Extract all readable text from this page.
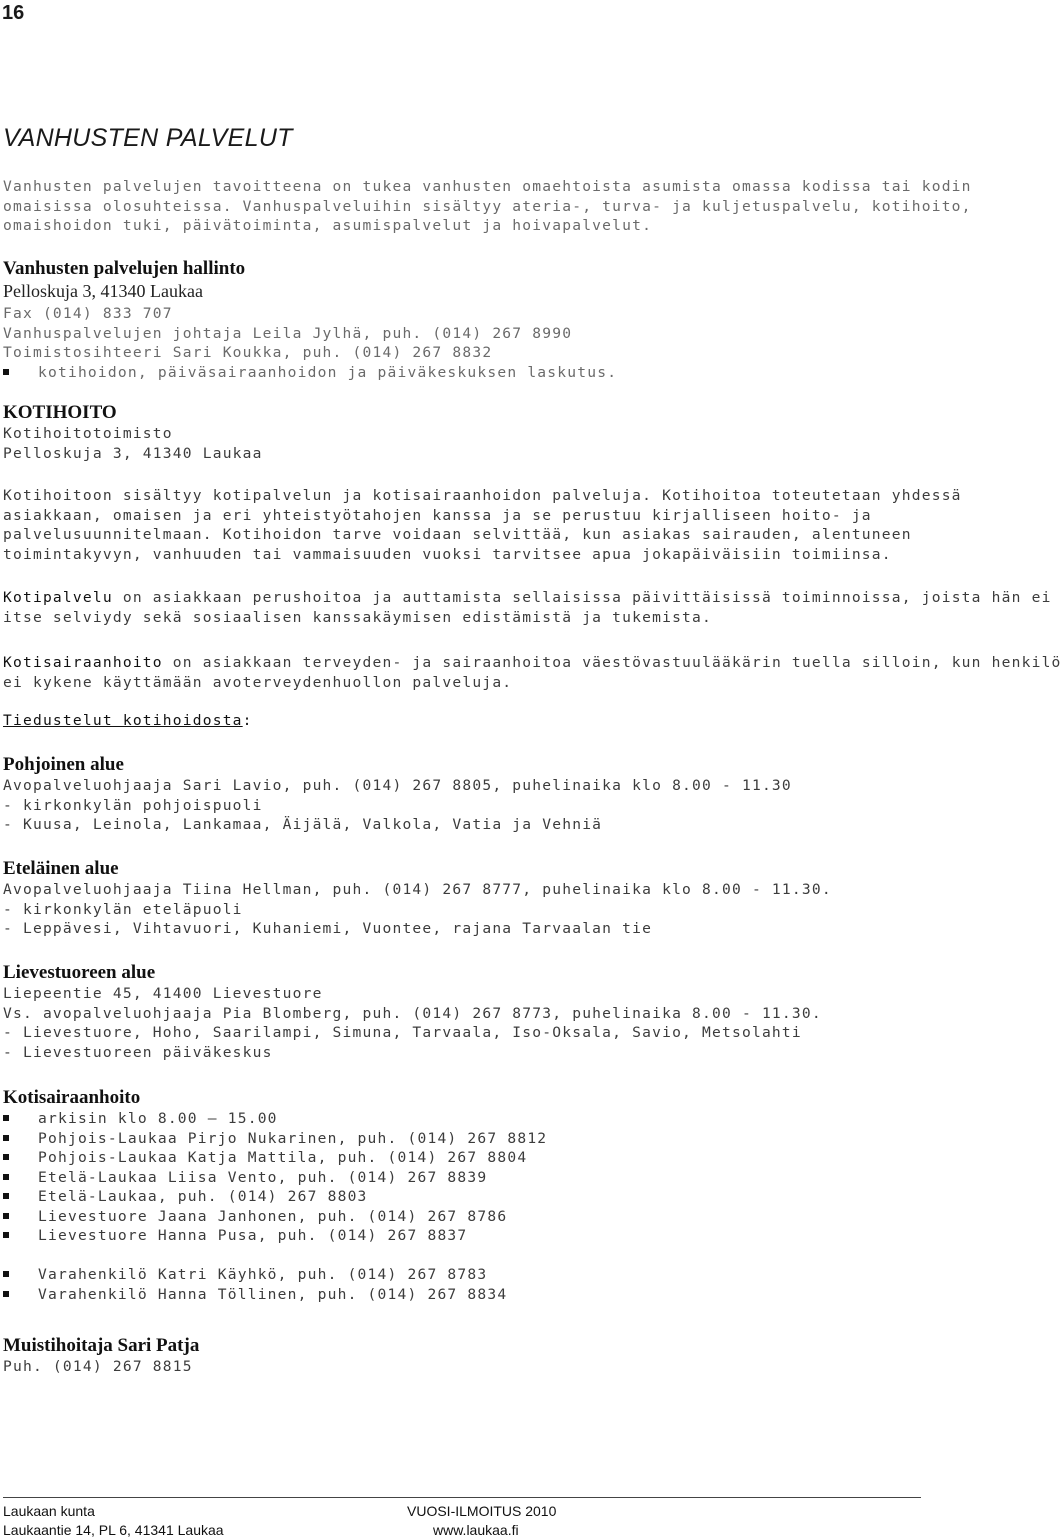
16
VANHUSTEN PALVELUT
Vanhusten palvelujen tavoitteena on tukea vanhusten omaehtoista asumista omassa kodissa tai kodin
omaisissa olosuhteissa. Vanhuspalveluihin sisältyy ateria-, turva- ja kuljetuspalvelu, kotihoito,
omaishoidon tuki, päivätoiminta, asumispalvelut ja hoivapalvelut.
Vanhusten palvelujen hallinto
Pelloskuja 3, 41340 Laukaa
Fax (014) 833 707
Vanhuspalvelujen johtaja Leila Jylhä, puh. (014) 267 8990
Toimistosihteeri Sari Koukka, puh. (014) 267 8832
kotihoidon, päiväsairaanhoidon ja päiväkeskuksen laskutus.
KOTIHOITO
Kotihoitotoimisto
Pelloskuja 3, 41340 Laukaa
Kotihoitoon sisältyy kotipalvelun ja kotisairaanhoidon palveluja. Kotihoitoa toteutetaan yhdessä
asiakkaan, omaisen ja eri yhteistyötahojen kanssa ja se perustuu kirjalliseen hoito- ja
palvelusuunnitelmaan. Kotihoidon tarve voidaan selvittää, kun asiakas sairauden, alentuneen
toimintakyvyn, vanhuuden tai vammaisuuden vuoksi tarvitsee apua jokapäiväisiin toimiinsa.
Kotipalvelu on asiakkaan perushoitoa ja auttamista sellaisissa päivittäisissä toiminnoissa, joista hän ei
itse selviydy sekä sosiaalisen kanssakäymisen edistämistä ja tukemista.
Kotisairaanhoito on asiakkaan terveyden- ja sairaanhoitoa väestövastuulääkärin tuella silloin, kun henkilö
ei kykene käyttämään avoterveydenhuollon palveluja.
Tiedustelut kotihoidosta:
Pohjoinen alue
Avopalveluohjaaja Sari Lavio, puh. (014) 267 8805, puhelinaika klo 8.00 - 11.30
- kirkonkylän pohjoispuoli
- Kuusa, Leinola, Lankamaa, Äijälä, Valkola, Vatia ja Vehniä
Eteläinen alue
Avopalveluohjaaja Tiina Hellman, puh. (014) 267 8777, puhelinaika klo 8.00 - 11.30.
- kirkonkylän eteläpuoli
- Leppävesi, Vihtavuori, Kuhaniemi, Vuontee, rajana Tarvaalan tie
Lievestuoreen alue
Liepeentie 45, 41400 Lievestuore
Vs. avopalveluohjaaja Pia Blomberg, puh. (014) 267 8773, puhelinaika 8.00 - 11.30.
- Lievestuore, Hoho, Saarilampi, Simuna, Tarvaala, Iso-Oksala, Savio, Metsolahti
- Lievestuoreen päiväkeskus
Kotisairaanhoito
arkisin klo 8.00 – 15.00
Pohjois-Laukaa Pirjo Nukarinen, puh. (014) 267 8812
Pohjois-Laukaa Katja Mattila, puh. (014) 267 8804
Etelä-Laukaa Liisa Vento, puh. (014) 267 8839
Etelä-Laukaa, puh. (014) 267 8803
Lievestuore Jaana Janhonen, puh. (014) 267 8786
Lievestuore Hanna Pusa, puh. (014) 267 8837
Varahenkilö Katri Käyhkö, puh. (014) 267 8783
Varahenkilö Hanna Töllinen, puh. (014) 267 8834
Muistihoitaja Sari Patja
Puh. (014) 267 8815
Laukaan kunta
Laukaantie 14, PL 6, 41341 Laukaa
VUOSI-ILMOITUS 2010
www.laukaa.fi
